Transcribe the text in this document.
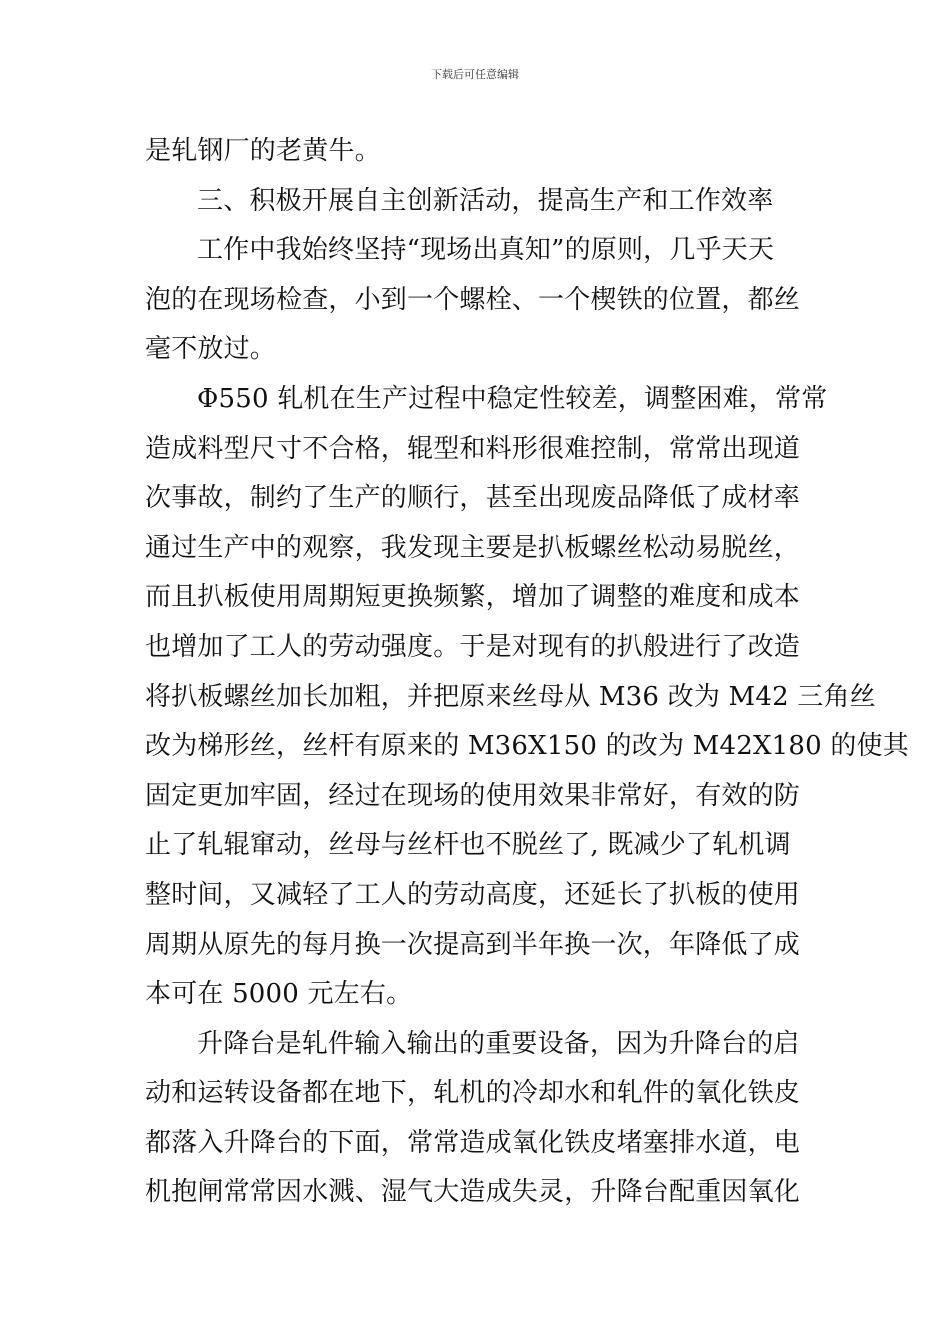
下载后可任意编辑
是轧钢厂的老黄牛。
三、积极开展自主创新活动，提高生产和工作效率
工作中我始终坚持“现场出真知”的原则，几乎天天
泡的在现场检查，小到一个螺栓、一个楔铁的位置，都丝
毫不放过。
Φ550 轧机在生产过程中稳定性较差，调整困难，常常
造成料型尺寸不合格，辊型和料形很难控制，常常出现道
次事故，制约了生产的顺行，甚至出现废品降低了成材率
通过生产中的观察，我发现主要是扒板螺丝松动易脱丝，
而且扒板使用周期短更换频繁，增加了调整的难度和成本
也增加了工人的劳动强度。于是对现有的扒般进行了改造
将扒板螺丝加长加粗，并把原来丝母从 M36 改为 M42 三角丝
改为梯形丝，丝杆有原来的 M36X150 的改为 M42X180 的使其
固定更加牢固，经过在现场的使用效果非常好，有效的防
止了轧辊窜动，丝母与丝杆也不脱丝了, 既减少了轧机调
整时间，又减轻了工人的劳动高度，还延长了扒板的使用
周期从原先的每月换一次提高到半年换一次，年降低了成
本可在 5000 元左右。
升降台是轧件输入输出的重要设备，因为升降台的启
动和运转设备都在地下，轧机的冷却水和轧件的氧化铁皮
都落入升降台的下面，常常造成氧化铁皮堵塞排水道，电
机抱闸常常因水溅、湿气大造成失灵，升降台配重因氧化
